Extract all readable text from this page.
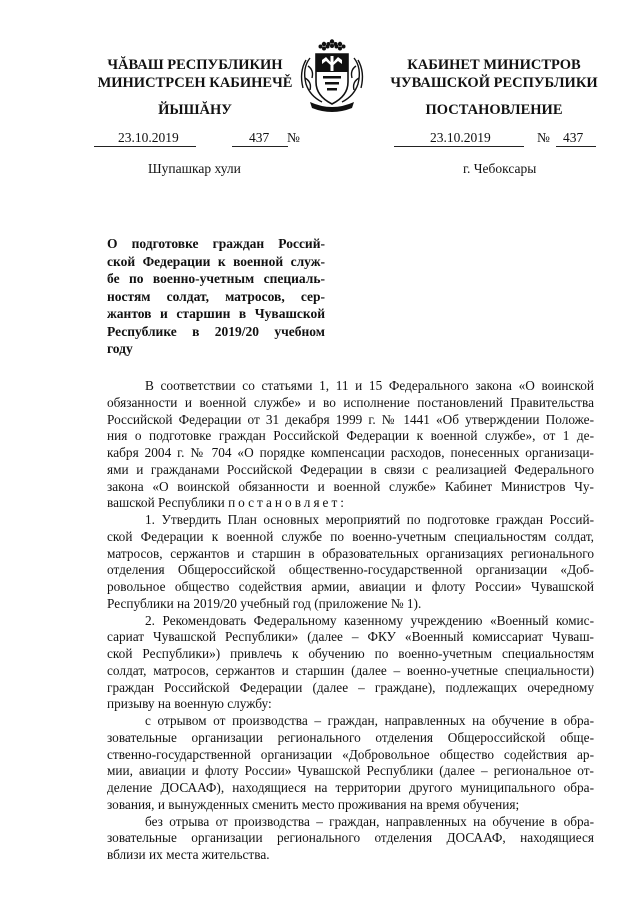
ЧĂВАШ РЕСПУБЛИКИН
МИНИСТРСЕН КАБИНЕЧĚ
ЙЫШĂНУ
КАБИНЕТ МИНИСТРОВ
ЧУВАШСКОЙ РЕСПУБЛИКИ
ПОСТАНОВЛЕНИЕ
23.10.2019	437 №	23.10.2019	№ 437
Шупашкар хули	г. Чебоксары
О подготовке граждан Россий-
ской Федерации к военной служ-
бе по военно-учетным специаль-
ностям солдат, матросов, сер-
жантов и старшин в Чувашской
Республике в 2019/20 учебном
году
В соответствии со статьями 1, 11 и 15 Федерального закона «О воинской
обязанности и военной службе» и во исполнение постановлений Правительства
Российской Федерации от 31 декабря 1999 г. № 1441 «Об утверждении Положе-
ния о подготовке граждан Российской Федерации к военной службе», от 1 де-
кабря 2004 г. № 704 «О порядке компенсации расходов, понесенных организаци-
ями и гражданами Российской Федерации в связи с реализацией Федерального
закона «О воинской обязанности и военной службе» Кабинет Министров Чу-
вашской Республики постановляет:
1. Утвердить План основных мероприятий по подготовке граждан Россий-
ской Федерации к военной службе по военно-учетным специальностям солдат,
матросов, сержантов и старшин в образовательных организациях регионального
отделения Общероссийской общественно-государственной организации «Доб-
ровольное общество содействия армии, авиации и флоту России» Чувашской
Республики на 2019/20 учебный год (приложение № 1).
2. Рекомендовать Федеральному казенному учреждению «Военный комис-
сариат Чувашской Республики» (далее – ФКУ «Военный комиссариат Чуваш-
ской Республики») привлечь к обучению по военно-учетным специальностям
солдат, матросов, сержантов и старшин (далее – военно-учетные специальности)
граждан Российской Федерации (далее – граждане), подлежащих очередному
призыву на военную службу:
с отрывом от производства – граждан, направленных на обучение в обра-
зовательные организации регионального отделения Общероссийской обще-
ственно-государственной организации «Добровольное общество содействия ар-
мии, авиации и флоту России» Чувашской Республики (далее – региональное от-
деление ДОСААФ), находящиеся на территории другого муниципального обра-
зования, и вынужденных сменить место проживания на время обучения;
без отрыва от производства – граждан, направленных на обучение в обра-
зовательные организации регионального отделения ДОСААФ, находящиеся
вблизи их места жительства.
